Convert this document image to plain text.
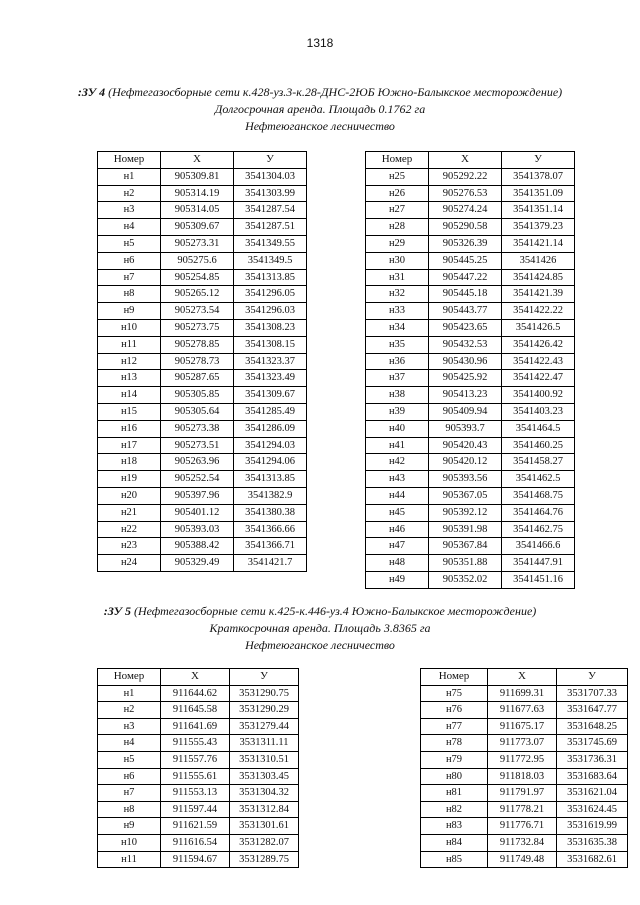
1318
:ЗУ 4 (Нефтегазосборные сети к.428-уз.3-к.28-ДНС-2ЮБ Южно-Балыкское месторождение)
Долгосрочная аренда. Площадь 0.1762 га
Нефтеюганское лесничество
Номер	X	У
н1	905309.81	3541304.03
н2	905314.19	3541303.99
н3	905314.05	3541287.54
н4	905309.67	3541287.51
н5	905273.31	3541349.55
н6	905275.6	3541349.5
н7	905254.85	3541313.85
н8	905265.12	3541296.05
н9	905273.54	3541296.03
н10	905273.75	3541308.23
н11	905278.85	3541308.15
н12	905278.73	3541323.37
н13	905287.65	3541323.49
н14	905305.85	3541309.67
н15	905305.64	3541285.49
н16	905273.38	3541286.09
н17	905273.51	3541294.03
н18	905263.96	3541294.06
н19	905252.54	3541313.85
н20	905397.96	3541382.9
н21	905401.12	3541380.38
н22	905393.03	3541366.66
н23	905388.42	3541366.71
н24	905329.49	3541421.7
Номер	X	У
н25	905292.22	3541378.07
н26	905276.53	3541351.09
н27	905274.24	3541351.14
н28	905290.58	3541379.23
н29	905326.39	3541421.14
н30	905445.25	3541426
н31	905447.22	3541424.85
н32	905445.18	3541421.39
н33	905443.77	3541422.22
н34	905423.65	3541426.5
н35	905432.53	3541426.42
н36	905430.96	3541422.43
н37	905425.92	3541422.47
н38	905413.23	3541400.92
н39	905409.94	3541403.23
н40	905393.7	3541464.5
н41	905420.43	3541460.25
н42	905420.12	3541458.27
н43	905393.56	3541462.5
н44	905367.05	3541468.75
н45	905392.12	3541464.76
н46	905391.98	3541462.75
н47	905367.84	3541466.6
н48	905351.88	3541447.91
н49	905352.02	3541451.16
:ЗУ 5 (Нефтегазосборные сети к.425-к.446-уз.4 Южно-Балыкское месторождение)
Краткосрочная аренда. Площадь 3.8365 га
Нефтеюганское лесничество
Номер	X	У
н1	911644.62	3531290.75
н2	911645.58	3531290.29
н3	911641.69	3531279.44
н4	911555.43	3531311.11
н5	911557.76	3531310.51
н6	911555.61	3531303.45
н7	911553.13	3531304.32
н8	911597.44	3531312.84
н9	911621.59	3531301.61
н10	911616.54	3531282.07
н11	911594.67	3531289.75
Номер	X	У
н75	911699.31	3531707.33
н76	911677.63	3531647.77
н77	911675.17	3531648.25
н78	911773.07	3531745.69
н79	911772.95	3531736.31
н80	911818.03	3531683.64
н81	911791.97	3531621.04
н82	911778.21	3531624.45
н83	911776.71	3531619.99
н84	911732.84	3531635.38
н85	911749.48	3531682.61
